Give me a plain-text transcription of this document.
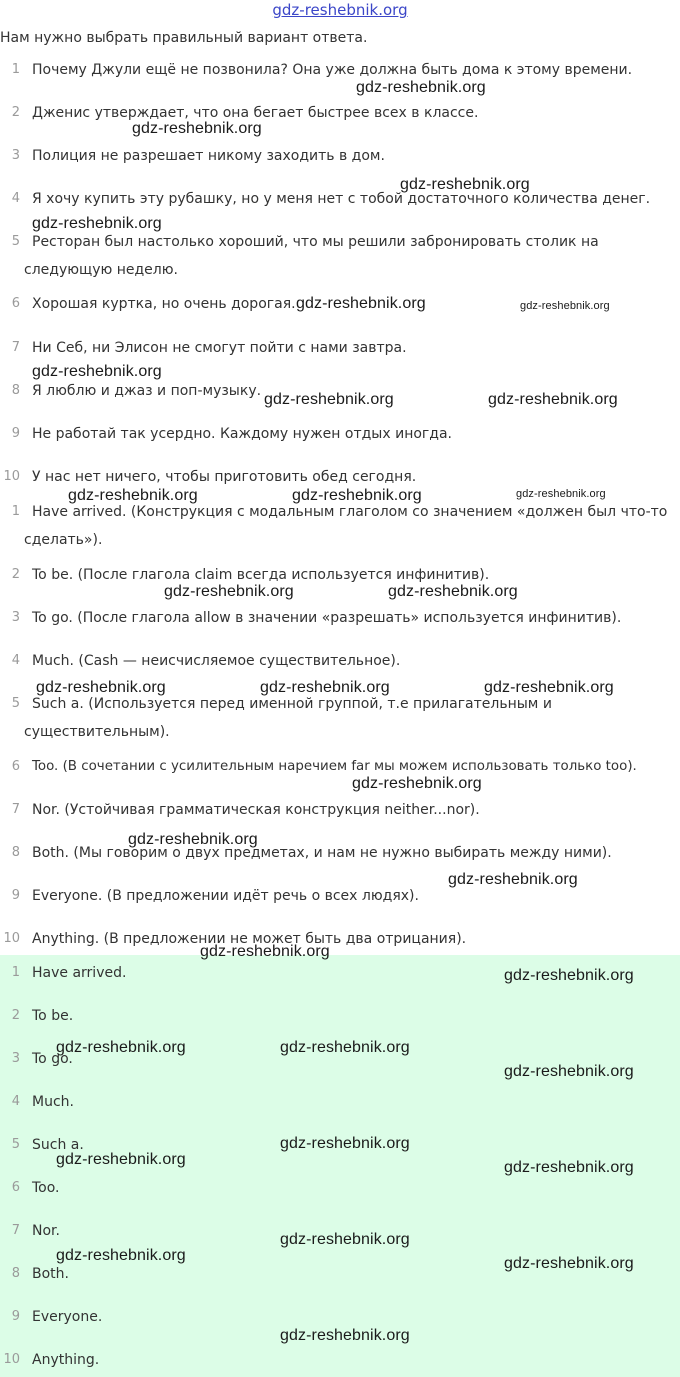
gdz-reshebnik.org
Нам нужно выбрать правильный вариант ответа.
1 Почему Джули ещё не позвонила? Она уже должна быть дома к этому времени.
2 Дженис утверждает, что она бегает быстрее всех в классе.
3 Полиция не разрешает никому заходить в дом.
4 Я хочу купить эту рубашку, но у меня нет с тобой достаточного количества денег.
5 Ресторан был настолько хороший, что мы решили забронировать столик на
следующую неделю.
6 Хорошая куртка, но очень дорогая.
7 Ни Себ, ни Элисон не смогут пойти с нами завтра.
8 Я люблю и джаз и поп-музыку.
9 Не работай так усердно. Каждому нужен отдых иногда.
10 У нас нет ничего, чтобы приготовить обед сегодня.
1 Have arrived. (Конструкция с модальным глаголом со значением «должен был что-то
сделать»).
2 To be. (После глагола claim всегда используется инфинитив).
3 To go. (После глагола allow в значении «разрешать» используется инфинитив).
4 Much. (Cash — неисчисляемое существительное).
5 Such a. (Используется перед именной группой, т.е прилагательным и
существительным).
6 Too. (В сочетании с усилительным наречием far мы можем использовать только too).
7 Nor. (Устойчивая грамматическая конструкция neither...nor).
8 Both. (Мы говорим о двух предметах, и нам не нужно выбирать между ними).
9 Everyone. (В предложении идёт речь о всех людях).
10 Anything. (В предложении не может быть два отрицания).
1 Have arrived.
2 To be.
3 To go.
4 Much.
5 Such a.
6 Too.
7 Nor.
8 Both.
9 Everyone.
10 Anything.
gdz-reshebnik.org
gdz-reshebnik.org
gdz-reshebnik.org
gdz-reshebnik.org
gdz-reshebnik.org	gdz-reshebnik.org
gdz-reshebnik.org
gdz-reshebnik.org	gdz-reshebnik.org
gdz-reshebnik.org	gdz-reshebnik.org	gdz-reshebnik.org
gdz-reshebnik.org	gdz-reshebnik.org
gdz-reshebnik.org	gdz-reshebnik.org	gdz-reshebnik.org
gdz-reshebnik.org
gdz-reshebnik.org
gdz-reshebnik.org
gdz-reshebnik.org
gdz-reshebnik.org
gdz-reshebnik.org	gdz-reshebnik.org
gdz-reshebnik.org
gdz-reshebnik.org
gdz-reshebnik.org	gdz-reshebnik.org
gdz-reshebnik.org
gdz-reshebnik.org	gdz-reshebnik.org
gdz-reshebnik.org
